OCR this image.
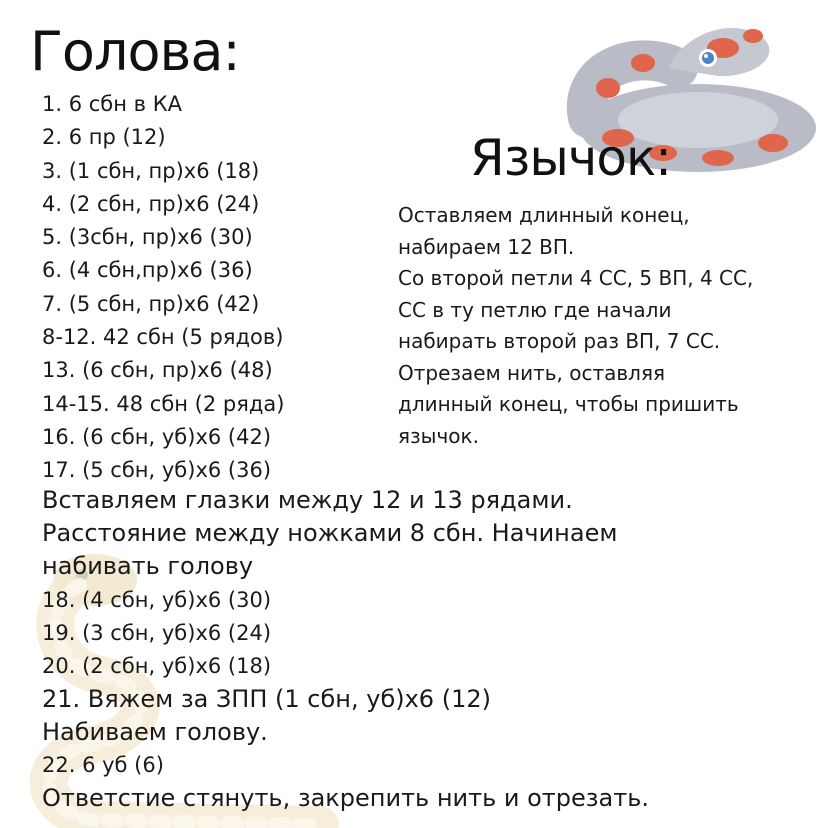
Голова:
Язычок:
1. 6 сбн в КА
2. 6 пр (12)
3. (1 сбн, пр)х6 (18)
4. (2 сбн, пр)х6 (24)
5. (3сбн, пр)х6 (30)
6. (4 сбн,пр)х6 (36)
7. (5 сбн, пр)х6 (42)
8-12. 42 сбн (5 рядов)
13. (6 сбн, пр)х6 (48)
14-15. 48 сбн (2 ряда)
16. (6 сбн, уб)х6 (42)
17. (5 сбн, уб)х6 (36)
Оставляем длинный конец,
набираем 12 ВП.
Со второй петли 4 СС, 5 ВП, 4 СС,
СС в ту петлю где начали
набирать второй раз ВП, 7 СС.
Отрезаем нить, оставляя
длинный конец, чтобы пришить
язычок.
Вставляем глазки между 12 и 13 рядами.
Расстояние между ножками 8 сбн. Начинаем
набивать голову
18. (4 сбн, уб)х6 (30)
19. (3 сбн, уб)х6 (24)
20. (2 сбн, уб)х6 (18)
21. Вяжем за ЗПП (1 сбн, уб)х6 (12)
Набиваем голову.
22. 6 уб (6)
Ответстие стянуть, закрепить нить и отрезать.
